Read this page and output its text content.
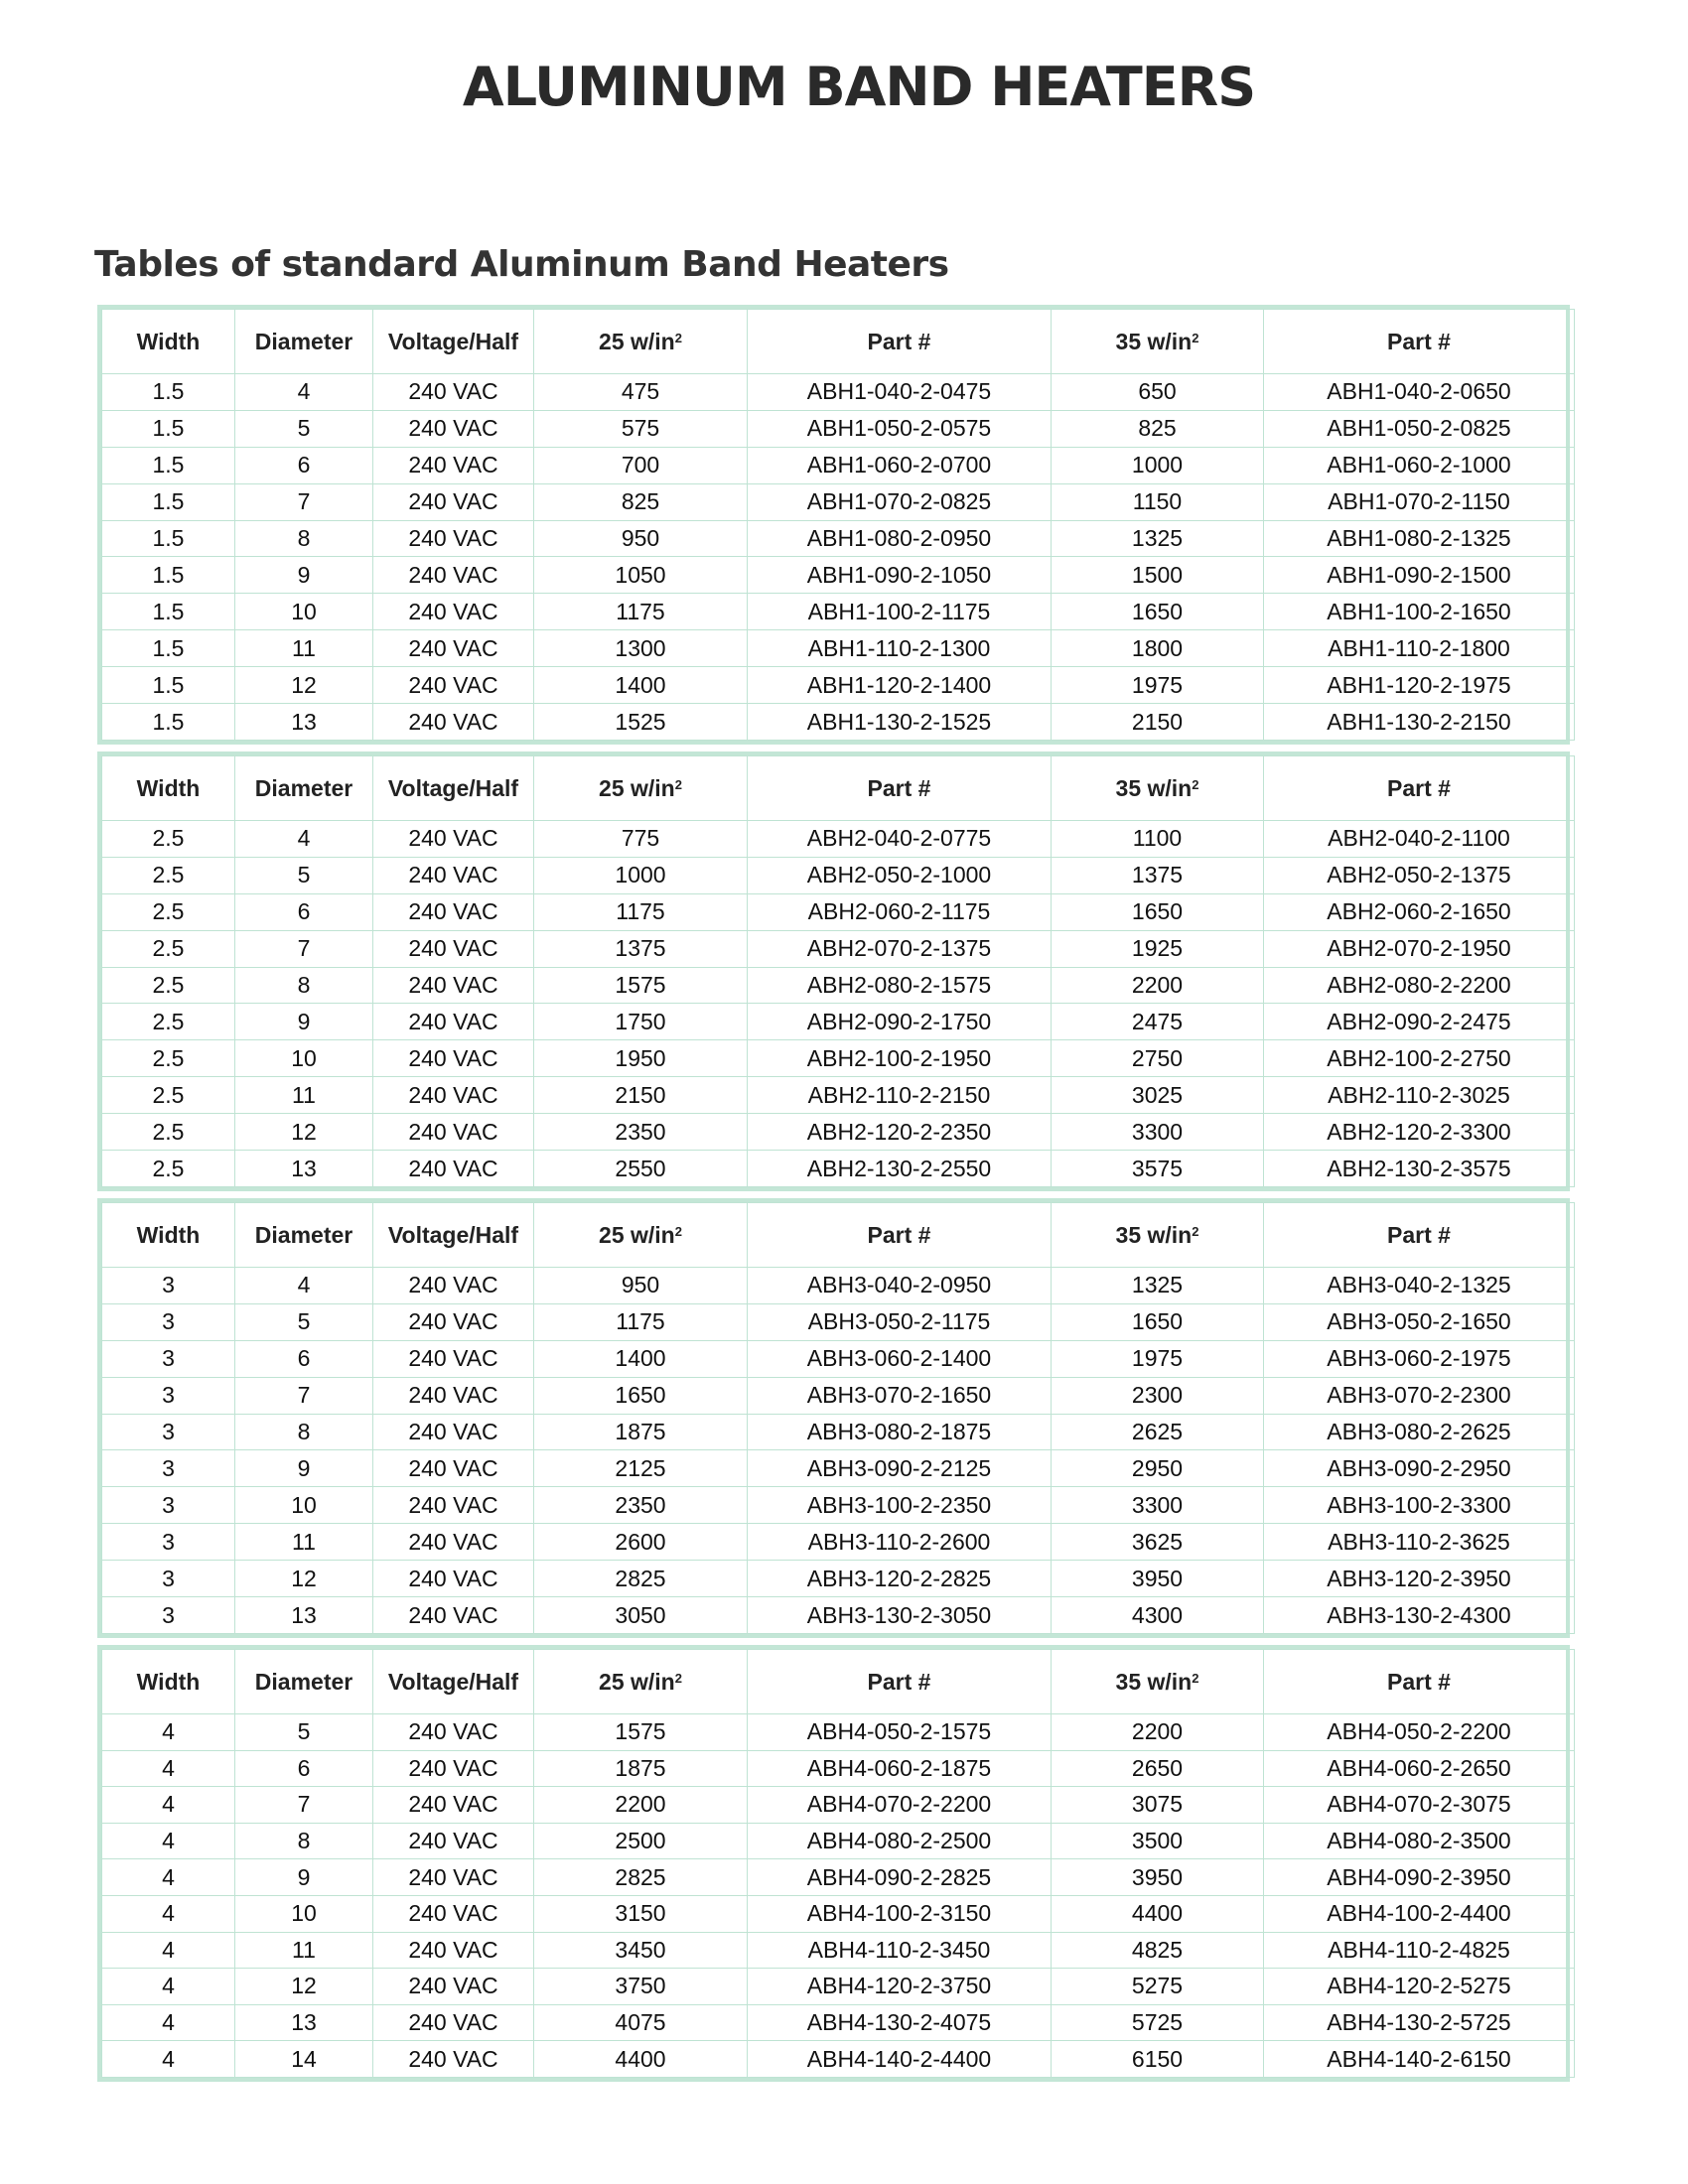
ALUMINUM BAND HEATERS
Tables of standard Aluminum Band Heaters
Width	Diameter	Voltage/Half	25 $w/in^2$	Part #	35 $w/in^2$	Part #
1.5	4	240 VAC	475	ABH1-040-2-0475	650	ABH1-040-2-0650
1.5	5	240 VAC	575	ABH1-050-2-0575	825	ABH1-050-2-0825
1.5	6	240 VAC	700	ABH1-060-2-0700	1000	ABH1-060-2-1000
1.5	7	240 VAC	825	ABH1-070-2-0825	1150	ABH1-070-2-1150
1.5	8	240 VAC	950	ABH1-080-2-0950	1325	ABH1-080-2-1325
1.5	9	240 VAC	1050	ABH1-090-2-1050	1500	ABH1-090-2-1500
1.5	10	240 VAC	1175	ABH1-100-2-1175	1650	ABH1-100-2-1650
1.5	11	240 VAC	1300	ABH1-110-2-1300	1800	ABH1-110-2-1800
1.5	12	240 VAC	1400	ABH1-120-2-1400	1975	ABH1-120-2-1975
1.5	13	240 VAC	1525	ABH1-130-2-1525	2150	ABH1-130-2-2150
Width	Diameter	Voltage/Half	25 $w/in^2$	Part #	35 $w/in^2$	Part #
2.5	4	240 VAC	775	ABH2-040-2-0775	1100	ABH2-040-2-1100
2.5	5	240 VAC	1000	ABH2-050-2-1000	1375	ABH2-050-2-1375
2.5	6	240 VAC	1175	ABH2-060-2-1175	1650	ABH2-060-2-1650
2.5	7	240 VAC	1375	ABH2-070-2-1375	1925	ABH2-070-2-1950
2.5	8	240 VAC	1575	ABH2-080-2-1575	2200	ABH2-080-2-2200
2.5	9	240 VAC	1750	ABH2-090-2-1750	2475	ABH2-090-2-2475
2.5	10	240 VAC	1950	ABH2-100-2-1950	2750	ABH2-100-2-2750
2.5	11	240 VAC	2150	ABH2-110-2-2150	3025	ABH2-110-2-3025
2.5	12	240 VAC	2350	ABH2-120-2-2350	3300	ABH2-120-2-3300
2.5	13	240 VAC	2550	ABH2-130-2-2550	3575	ABH2-130-2-3575
Width	Diameter	Voltage/Half	25 $w/in^2$	Part #	35 $w/in^2$	Part #
3	4	240 VAC	950	ABH3-040-2-0950	1325	ABH3-040-2-1325
3	5	240 VAC	1175	ABH3-050-2-1175	1650	ABH3-050-2-1650
3	6	240 VAC	1400	ABH3-060-2-1400	1975	ABH3-060-2-1975
3	7	240 VAC	1650	ABH3-070-2-1650	2300	ABH3-070-2-2300
3	8	240 VAC	1875	ABH3-080-2-1875	2625	ABH3-080-2-2625
3	9	240 VAC	2125	ABH3-090-2-2125	2950	ABH3-090-2-2950
3	10	240 VAC	2350	ABH3-100-2-2350	3300	ABH3-100-2-3300
3	11	240 VAC	2600	ABH3-110-2-2600	3625	ABH3-110-2-3625
3	12	240 VAC	2825	ABH3-120-2-2825	3950	ABH3-120-2-3950
3	13	240 VAC	3050	ABH3-130-2-3050	4300	ABH3-130-2-4300
Width	Diameter	Voltage/Half	25 $w/in^2$	Part #	35 $w/in^2$	Part #
4	5	240 VAC	1575	ABH4-050-2-1575	2200	ABH4-050-2-2200
4	6	240 VAC	1875	ABH4-060-2-1875	2650	ABH4-060-2-2650
4	7	240 VAC	2200	ABH4-070-2-2200	3075	ABH4-070-2-3075
4	8	240 VAC	2500	ABH4-080-2-2500	3500	ABH4-080-2-3500
4	9	240 VAC	2825	ABH4-090-2-2825	3950	ABH4-090-2-3950
4	10	240 VAC	3150	ABH4-100-2-3150	4400	ABH4-100-2-4400
4	11	240 VAC	3450	ABH4-110-2-3450	4825	ABH4-110-2-4825
4	12	240 VAC	3750	ABH4-120-2-3750	5275	ABH4-120-2-5275
4	13	240 VAC	4075	ABH4-130-2-4075	5725	ABH4-130-2-5725
4	14	240 VAC	4400	ABH4-140-2-4400	6150	ABH4-140-2-6150
